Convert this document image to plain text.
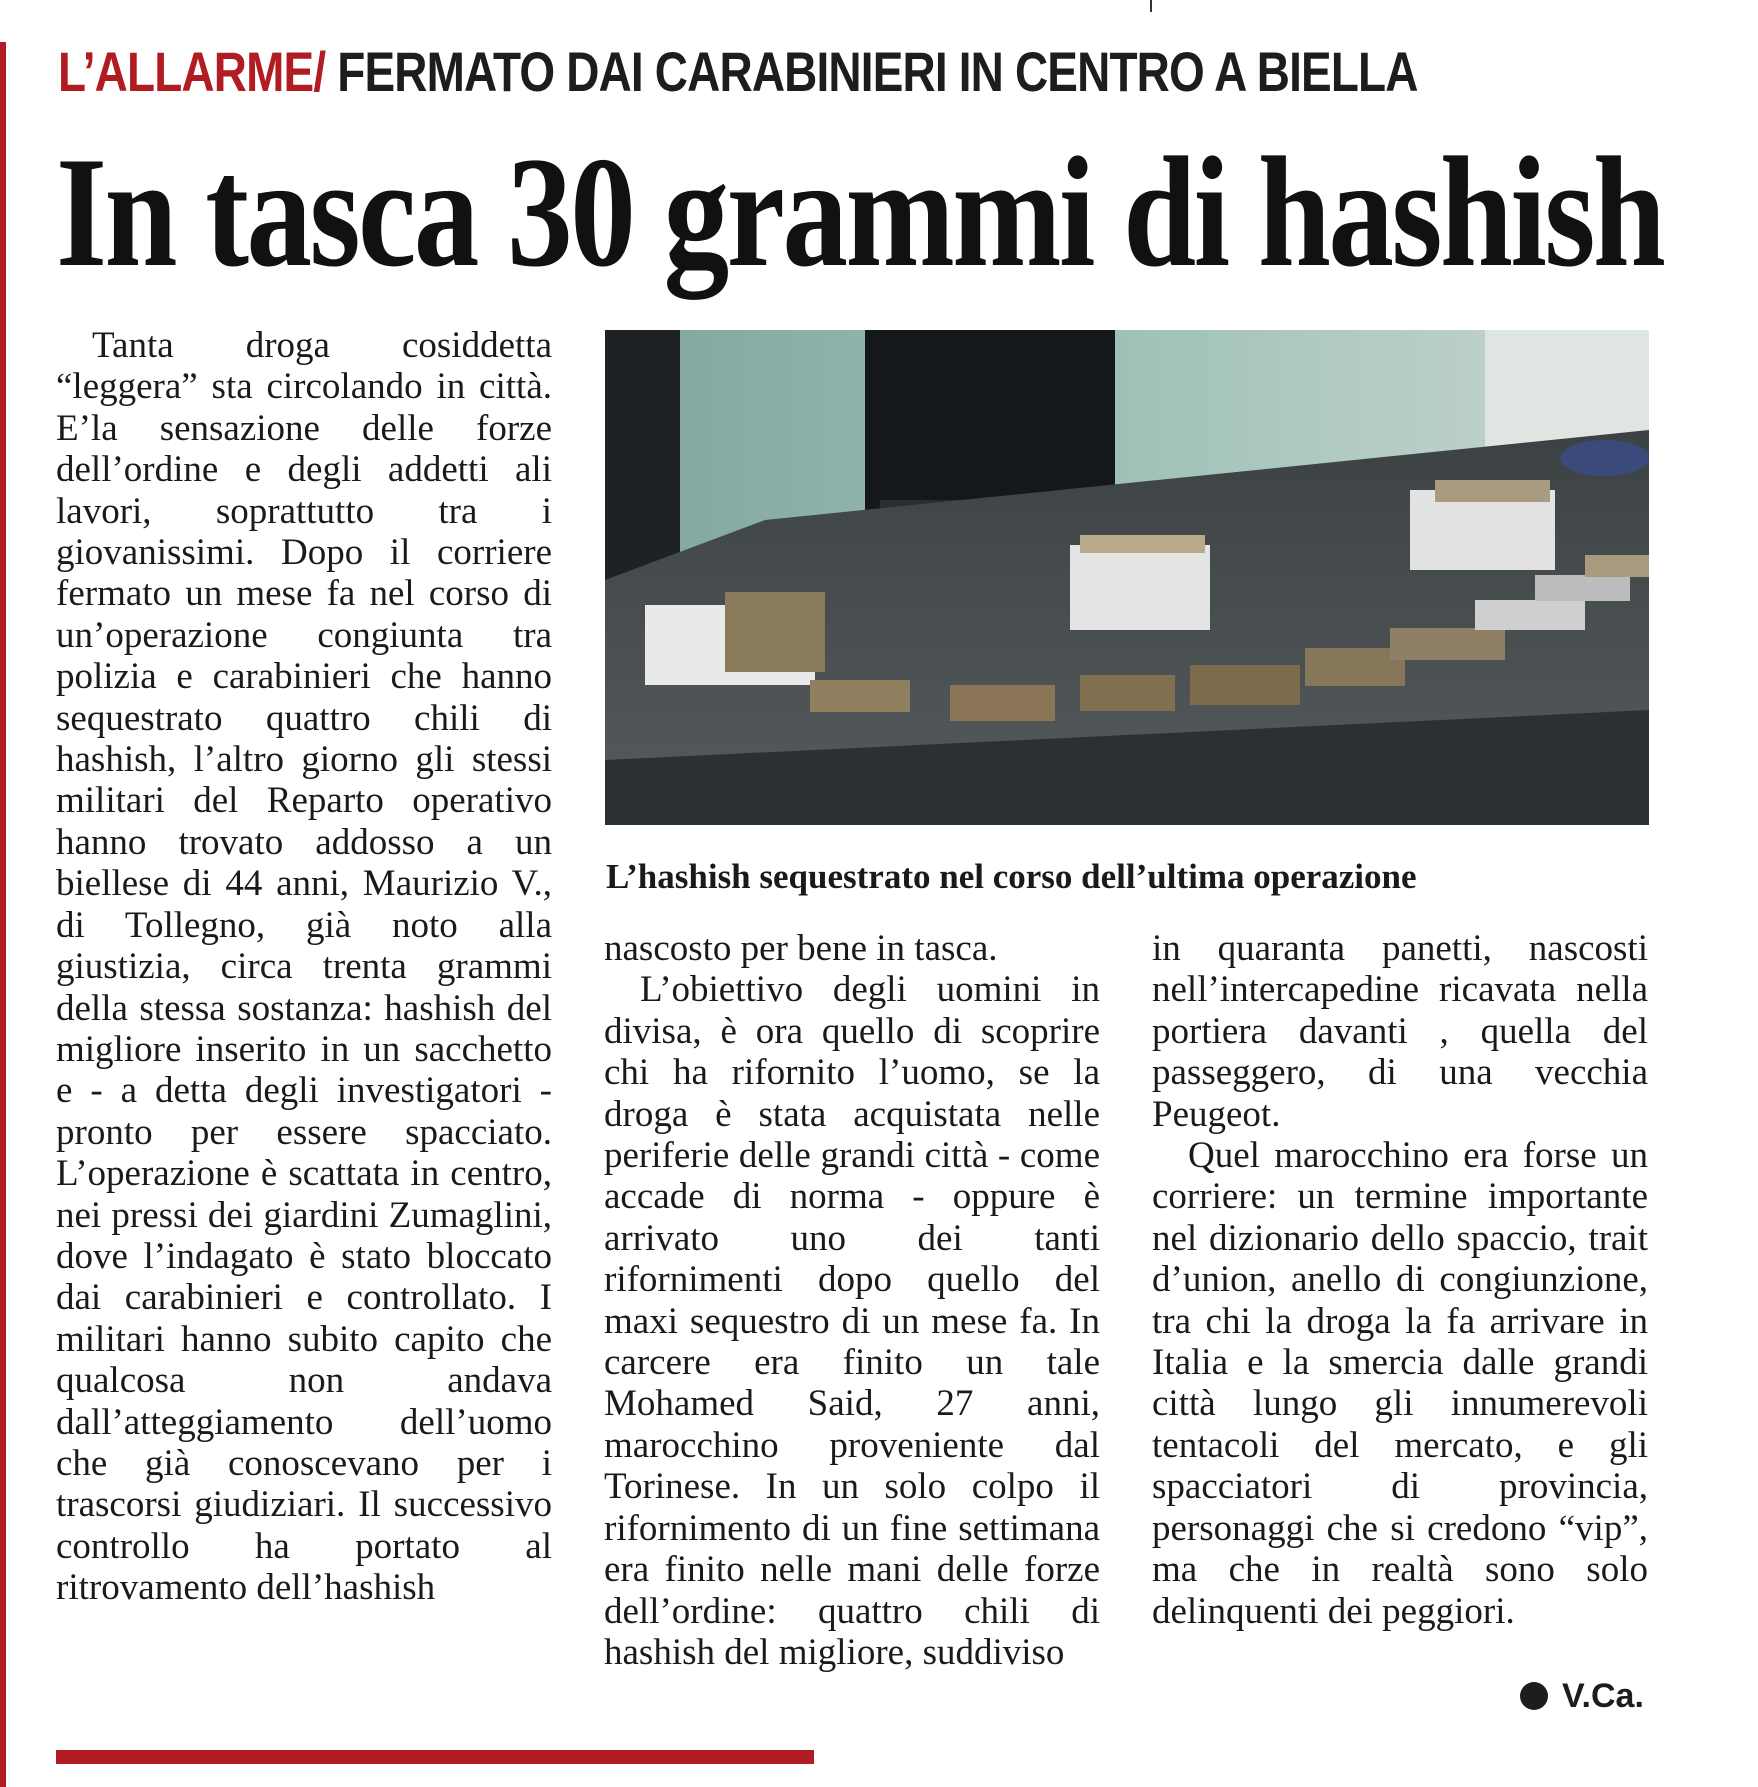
L’ALLARME/ FERMATO DAI CARABINIERI IN CENTRO A BIELLA
In tasca 30 grammi di hashish

Tanta droga cosiddetta “leggera” sta circolando in città. E’la sensazione delle forze dell’ordine e degli addetti ali lavori, soprattutto tra i giovanissimi. Dopo il corriere fermato un mese fa nel corso di un’operazione congiunta tra polizia e carabinieri che hanno sequestrato quattro chili di hashish, l’altro giorno gli stessi militari del Reparto operativo hanno trovato addosso a un biellese di 44 anni, Maurizio V., di Tollegno, già noto alla giustizia, circa trenta grammi della stessa sostanza: hashish del migliore inserito in un sacchetto e - a detta degli investigatori - pronto per essere spacciato. L’operazione è scattata in centro, nei pressi dei giardini Zumaglini, dove l’indagato è stato bloccato dai carabinieri e controllato. I militari hanno subito capito che qualcosa non andava dall’atteggiamento dell’uomo che già conoscevano per i trascorsi giudiziari. Il successivo controllo ha portato al ritrovamento dell’hashish

L’hashish sequestrato nel corso dell’ultima operazione

nascosto per bene in tasca.

L’obiettivo degli uomini in divisa, è ora quello di scoprire chi ha rifornito l’uomo, se la droga è stata acquistata nelle periferie delle grandi città - come accade di norma - oppure è arrivato uno dei tanti rifornimenti dopo quello del maxi sequestro di un mese fa. In carcere era finito un tale Mohamed Said, 27 anni, marocchino proveniente dal Torinese. In un solo colpo il rifornimento di un fine settimana era finito nelle mani delle forze dell’ordine: quattro chili di hashish del migliore, suddiviso

in quaranta panetti, nascosti nell’intercapedine ricavata nella portiera davanti , quella del passeggero, di una vecchia Peugeot.

Quel marocchino era forse un corriere: un termine importante nel dizionario dello spaccio, trait d’union, anello di congiunzione, tra chi la droga la fa arrivare in Italia e la smercia dalle grandi città lungo gli innumerevoli tentacoli del mercato, e gli spacciatori di provincia, personaggi che si credono “vip”, ma che in realtà sono solo delinquenti dei peggiori.

V.Ca.
